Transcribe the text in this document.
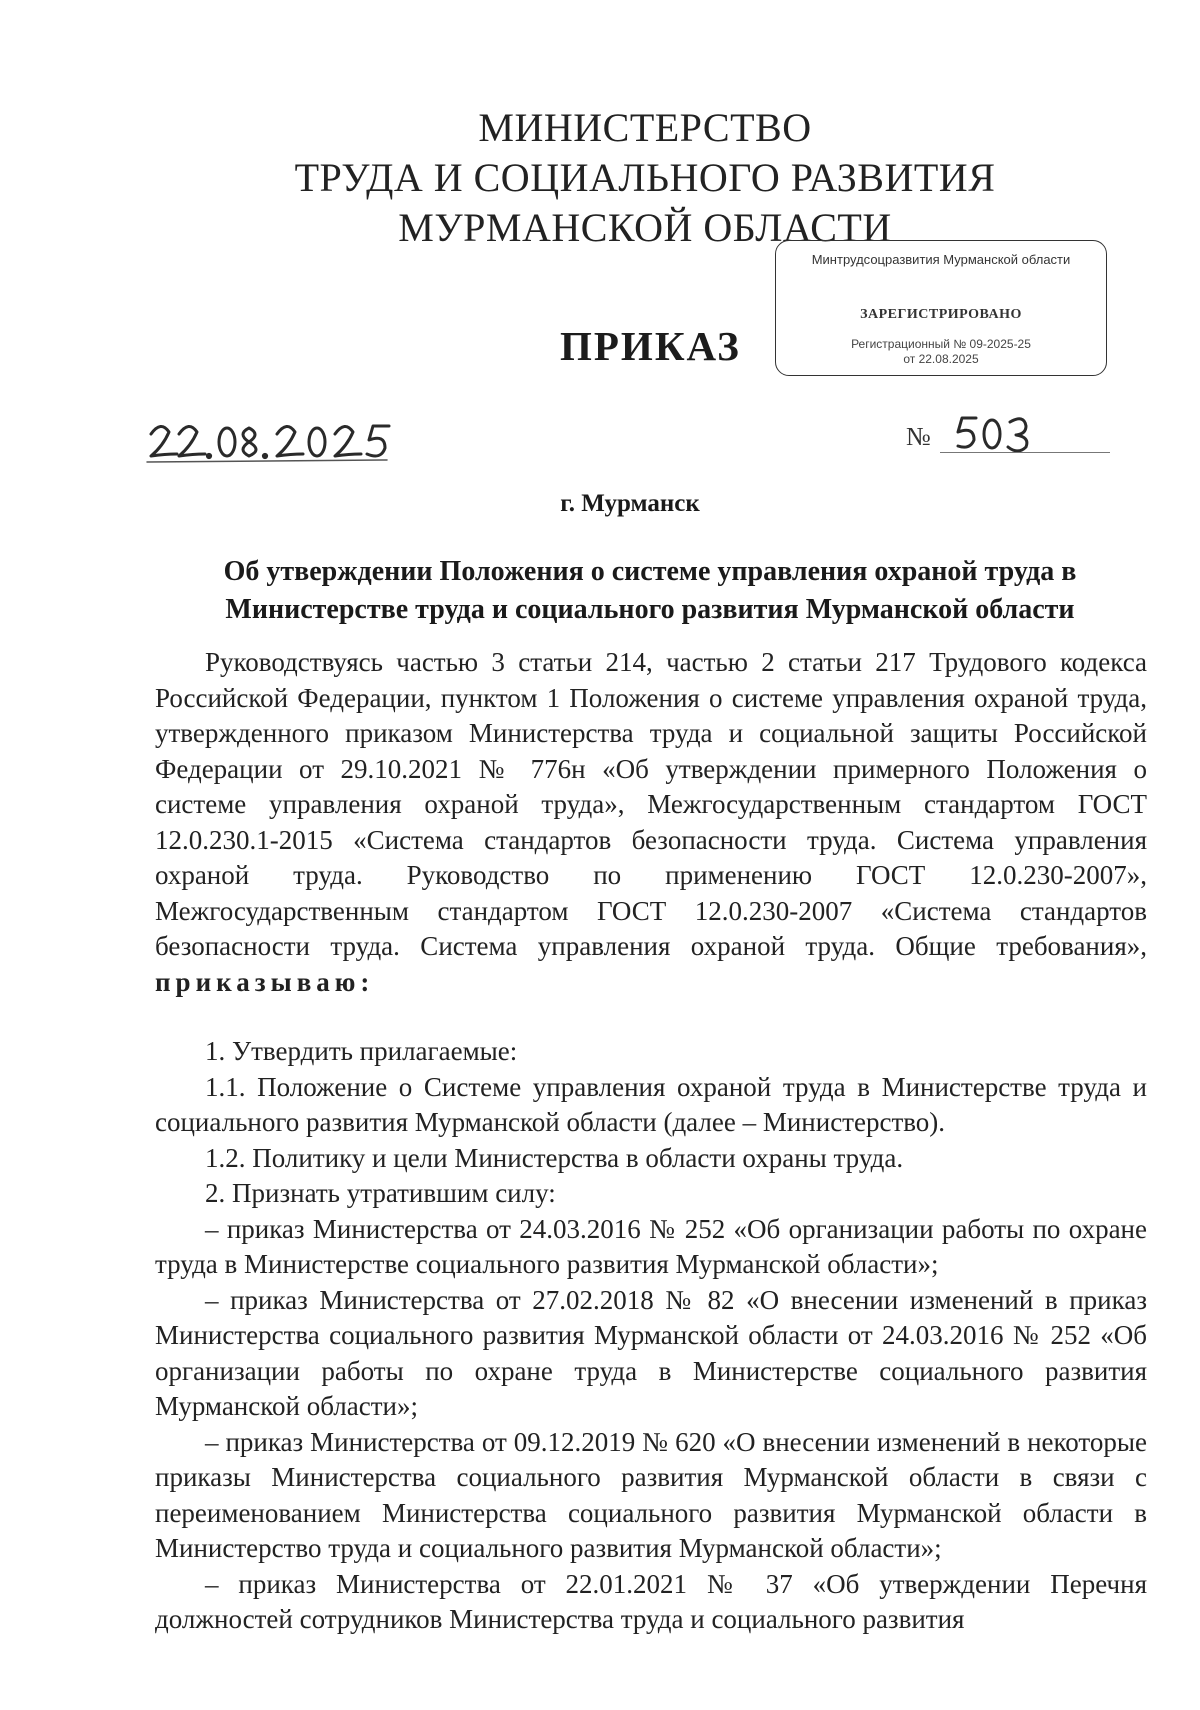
МИНИСТЕРСТВО
ТРУДА И СОЦИАЛЬНОГО РАЗВИТИЯ
МУРМАНСКОЙ ОБЛАСТИ
ПРИКАЗ
Минтрудсоцразвития Мурманской области
ЗАРЕГИСТРИРОВАНО
Регистрационный № 09-2025-25
от 22.08.2025
№
г. Мурманск
Об утверждении Положения о системе управления охраной труда в Министерстве труда и социального развития Мурманской области

Руководствуясь частью 3 статьи 214, частью 2 статьи 217 Трудового кодекса Российской Федерации, пунктом 1 Положения о системе управления охраной труда, утвержденного приказом Министерства труда и социальной защиты Российской Федерации от 29.10.2021 № 776н «Об утверждении примерного Положения о системе управления охраной труда», Межгосударственным стандартом ГОСТ 12.0.230.1-2015 «Система стандартов безопасности труда. Система управления охраной труда. Руководство по применению ГОСТ 12.0.230-2007», Межгосударственным стандартом ГОСТ 12.0.230-2007 «Система стандартов безопасности труда. Система управления охраной труда. Общие требования», приказываю:

1. Утвердить прилагаемые:

1.1. Положение о Системе управления охраной труда в Министерстве труда и социального развития Мурманской области (далее – Министерство).

1.2. Политику и цели Министерства в области охраны труда.

2. Признать утратившим силу:

– приказ Министерства от 24.03.2016 № 252 «Об организации работы по охране труда в Министерстве социального развития Мурманской области»;

– приказ Министерства от 27.02.2018 № 82 «О внесении изменений в приказ Министерства социального развития Мурманской области от 24.03.2016 № 252 «Об организации работы по охране труда в Министерстве социального развития Мурманской области»;

– приказ Министерства от 09.12.2019 № 620 «О внесении изменений в некоторые приказы Министерства социального развития Мурманской области в связи с переименованием Министерства социального развития Мурманской области в Министерство труда и социального развития Мурманской области»;

– приказ Министерства от 22.01.2021 № 37 «Об утверждении Перечня должностей сотрудников Министерства труда и социального развития
